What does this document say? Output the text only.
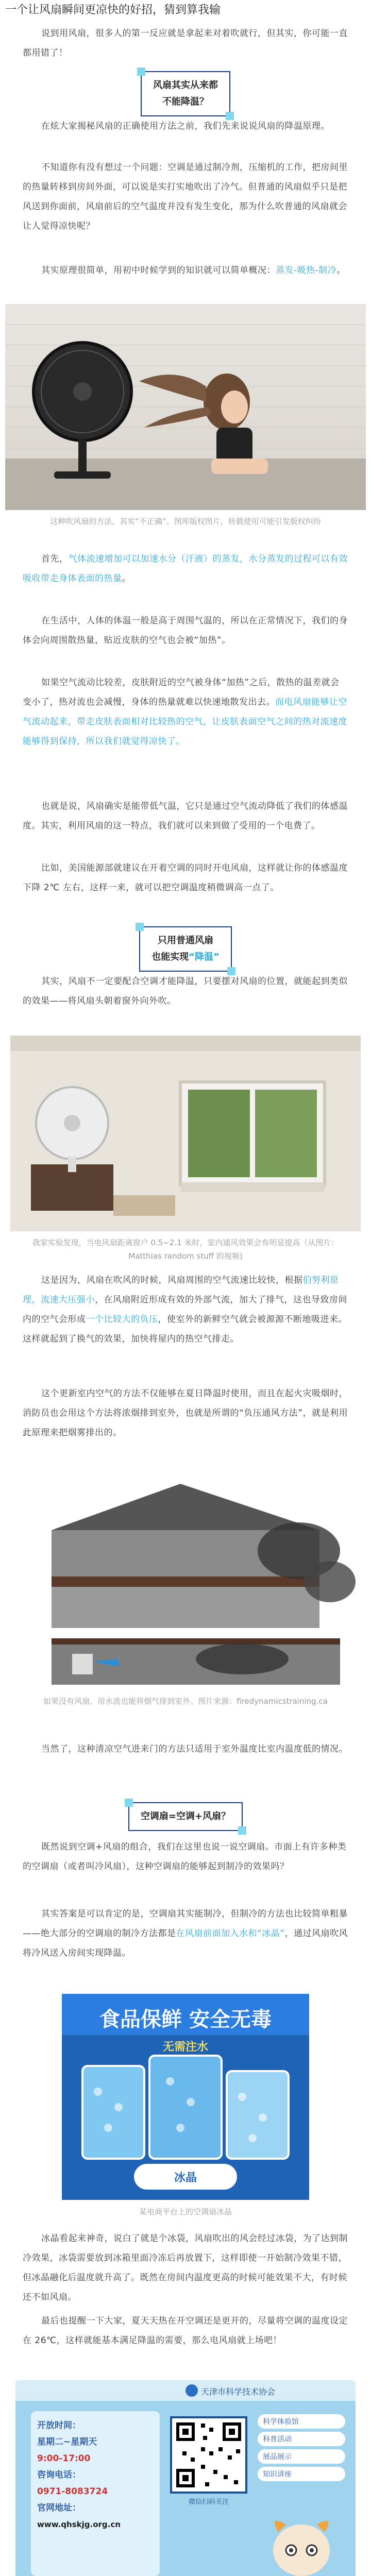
一个让风扇瞬间更凉快的好招，猜到算我输

说到用风扇，很多人的第一反应就是拿起来对着吹就行，但其实，你可能一直都用错了！

风扇其实从来都
不能降温？

在炫大家揭秘风扇的正确使用方法之前，我们先来说说风扇的降温原理。

不知道你有没有想过一个问题：空调是通过制冷剂，压缩机的工作，把房间里的热量转移到房间外面，可以说是实打实地吹出了冷气。但普通的风扇似乎只是把风送到你面前，风扇前后的空气温度并没有发生变化，那为什么吹普通的风扇就会让人觉得凉快呢？

其实原理很简单，用初中时候学到的知识就可以简单概况：蒸发-吸热-制冷。

这种吹风扇的方法，其实“不正确”。图库版权图片，转载使用可能引发版权纠纷

首先，气体流速增加可以加速水分（汗液）的蒸发，水分蒸发的过程可以有效吸收带走身体表面的热量。

在生活中，人体的体温一般是高于周围气温的，所以在正常情况下，我们的身体会向周围散热量，贴近皮肤的空气也会被“加热”。

如果空气流动比较差，皮肤附近的空气被身体“加热”之后，散热的温差就会变小了，热对流也会减慢，身体的热量就难以快速地散发出去。而电风扇能够让空气流动起来，带走皮肤表面相对比较热的空气，让皮肤表面空气之间的热对流速度能够得到保持，所以我们就觉得凉快了。

也就是说，风扇确实是能带低气温，它只是通过空气流动降低了我们的体感温度。其实，利用风扇的这一特点，我们就可以来到做了受用的一个电费了。

比如，美国能源部就建议在开着空调的同时开电风扇，这样就让你的体感温度下降 2℃ 左右，这样一来，就可以把空调温度稍微调高一点了。

只用普通风扇
也能实现“降温”

其实，风扇不一定要配合空调才能降温，只要摆对风扇的位置，就能起到类似的效果——将风扇头朝着窗外向外吹。

我家实验发现，当电风扇距离窗户 0.5~2.1 米时，室内通风效果会有明显提高（从图片：Matthias random stuff 的视频)

这是因为，风扇在吹风的时候，风扇周围的空气流速比较快，根据伯努利原理，流速大压强小，在风扇附近形成有效的外部气流，加大了排气，这也导致房间内的空气会形成一个比较大的负压，使室外的新鲜空气就会被源源不断地吸进来。这样就起到了换气的效果，加快将屋内的热空气排走。

这个更新室内空气的方法不仅能够在夏日降温时使用，而且在起火灾吸烟时，消防员也会用这个方法将浓烟排到室外，也就是所谓的“负压通风方法”，就是利用此原理来把烟雾排出的。

如果没有风扇，用水流也能将烟气排到室外。图片来源：firedynamicstraining.ca

当然了，这种清凉空气进来门的方法只适用于室外温度比室内温度低的情况。

空调扇=空调+风扇？

既然说到空调+风扇的组合，我们在这里也说一说空调扇。市面上有许多种类的空调扇（或者叫冷风扇），这种空调扇的能够起到制冷的效果吗？

其实答案是可以肯定的是，空调扇其实能制冷，但制冷的方法也比较简单粗暴——绝大部分的空调扇的制冷方法都是在风扇前面加入水和“冰晶”，通过风扇吹风将冷风送入房间实现降温。

食品保鲜 安全无毒
无需注水
冰晶
某电商平台上的空调扇冰晶

冰晶看起来神奇，说白了就是个冰袋，风扇吹出的风会经过冰袋，为了达到制冷效果，冰袋需要放到冰箱里面冷冻后再放置下，这样即使一开始制冷效果不错，但冰晶融化后温度就升高了。既然在房间内温度更高的时候可能效果不大，有时候还不如风扇。

最后也提醒一下大家，夏天天热在开空调还是更开的，尽量将空调的温度设定在 26℃，这样就能基本满足降温的需要，那么电风扇就上场吧！

天津市科学技术协会
开放时间：
星期二~星期天
9:00-17:00
咨询电话：
0971-8083724
官网地址：
www.qhskjg.org.cn
微信扫码关注
科学体验馆
科普活动
展品展示
知识讲座
